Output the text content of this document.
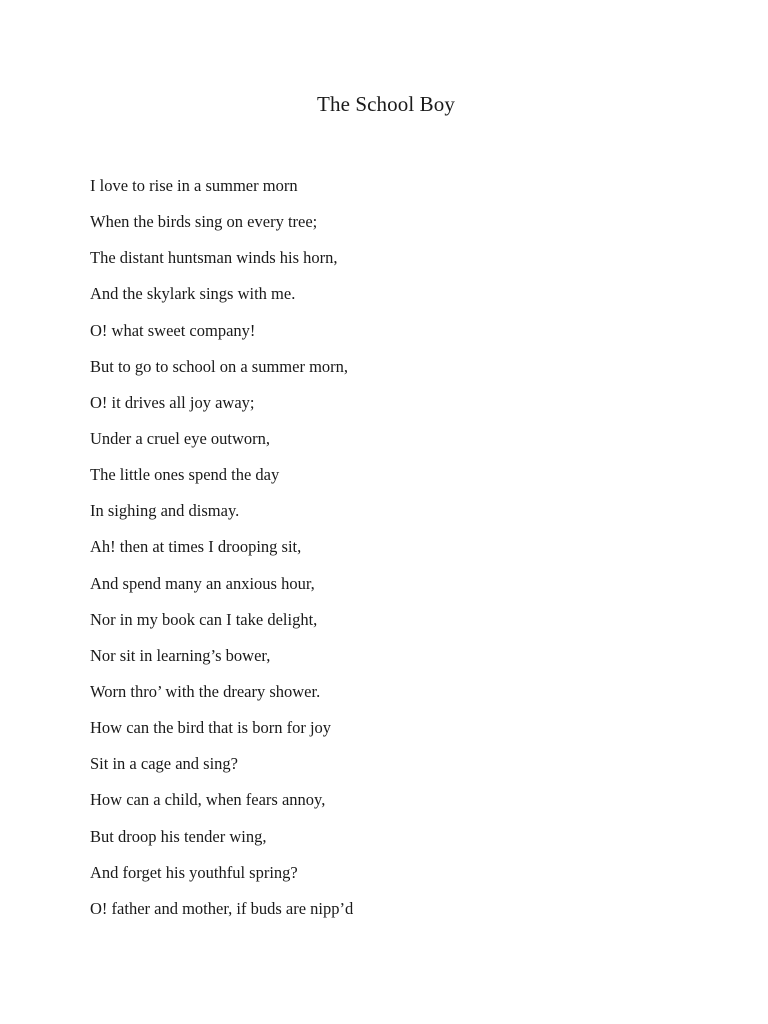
The School Boy
I love to rise in a summer morn
When the birds sing on every tree;
The distant huntsman winds his horn,
And the skylark sings with me.
O! what sweet company!
But to go to school on a summer morn,
O! it drives all joy away;
Under a cruel eye outworn,
The little ones spend the day
In sighing and dismay.
Ah! then at times I drooping sit,
And spend many an anxious hour,
Nor in my book can I take delight,
Nor sit in learning’s bower,
Worn thro’ with the dreary shower.
How can the bird that is born for joy
Sit in a cage and sing?
How can a child, when fears annoy,
But droop his tender wing,
And forget his youthful spring?
O! father and mother, if buds are nipp’d
